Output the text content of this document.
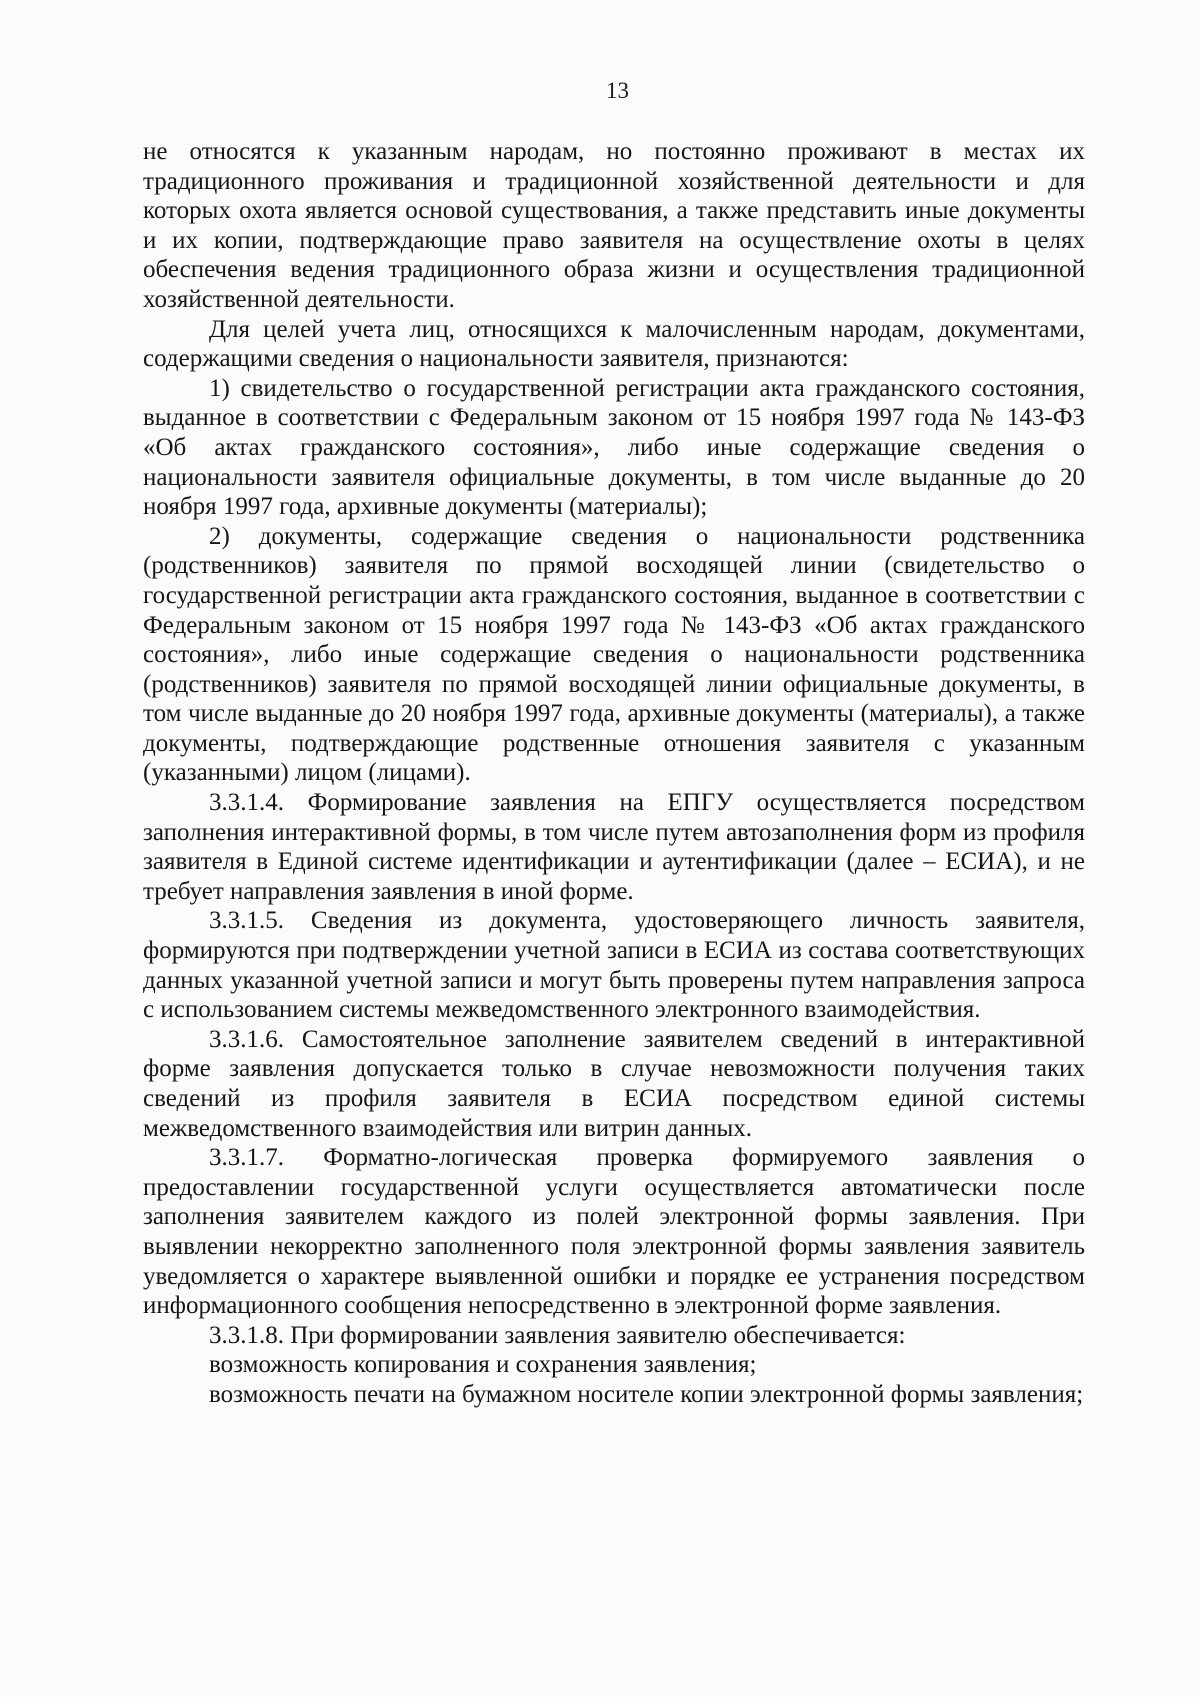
13

не относятся к указанным народам, но постоянно проживают в местах их традиционного проживания и традиционной хозяйственной деятельности и для которых охота является основой существования, а также представить иные документы и их копии, подтверждающие право заявителя на осуществление охоты в целях обеспечения ведения традиционного образа жизни и осуществления традиционной хозяйственной деятельности.

Для целей учета лиц, относящихся к малочисленным народам, документами, содержащими сведения о национальности заявителя, признаются:

1) свидетельство о государственной регистрации акта гражданского состояния, выданное в соответствии с Федеральным законом от 15 ноября 1997 года № 143-ФЗ «Об актах гражданского состояния», либо иные содержащие сведения о национальности заявителя официальные документы, в том числе выданные до 20 ноября 1997 года, архивные документы (материалы);

2) документы, содержащие сведения о национальности родственника (родственников) заявителя по прямой восходящей линии (свидетельство о государственной регистрации акта гражданского состояния, выданное в соответствии с Федеральным законом от 15 ноября 1997 года № 143-ФЗ «Об актах гражданского состояния», либо иные содержащие сведения о национальности родственника (родственников) заявителя по прямой восходящей линии официальные документы, в том числе выданные до 20 ноября 1997 года, архивные документы (материалы), а также документы, подтверждающие родственные отношения заявителя с указанным (указанными) лицом (лицами).

3.3.1.4. Формирование заявления на ЕПГУ осуществляется посредством заполнения интерактивной формы, в том числе путем автозаполнения форм из профиля заявителя в Единой системе идентификации и аутентификации (далее – ЕСИА), и не требует направления заявления в иной форме.

3.3.1.5. Сведения из документа, удостоверяющего личность заявителя, формируются при подтверждении учетной записи в ЕСИА из состава соответствующих данных указанной учетной записи и могут быть проверены путем направления запроса с использованием системы межведомственного электронного взаимодействия.

3.3.1.6. Самостоятельное заполнение заявителем сведений в интерактивной форме заявления допускается только в случае невозможности получения таких сведений из профиля заявителя в ЕСИА посредством единой системы межведомственного взаимодействия или витрин данных.

3.3.1.7. Форматно-логическая проверка формируемого заявления о предоставлении государственной услуги осуществляется автоматически после заполнения заявителем каждого из полей электронной формы заявления. При выявлении некорректно заполненного поля электронной формы заявления заявитель уведомляется о характере выявленной ошибки и порядке ее устранения посредством информационного сообщения непосредственно в электронной форме заявления.

3.3.1.8. При формировании заявления заявителю обеспечивается:

возможность копирования и сохранения заявления;

возможность печати на бумажном носителе копии электронной формы заявления;
